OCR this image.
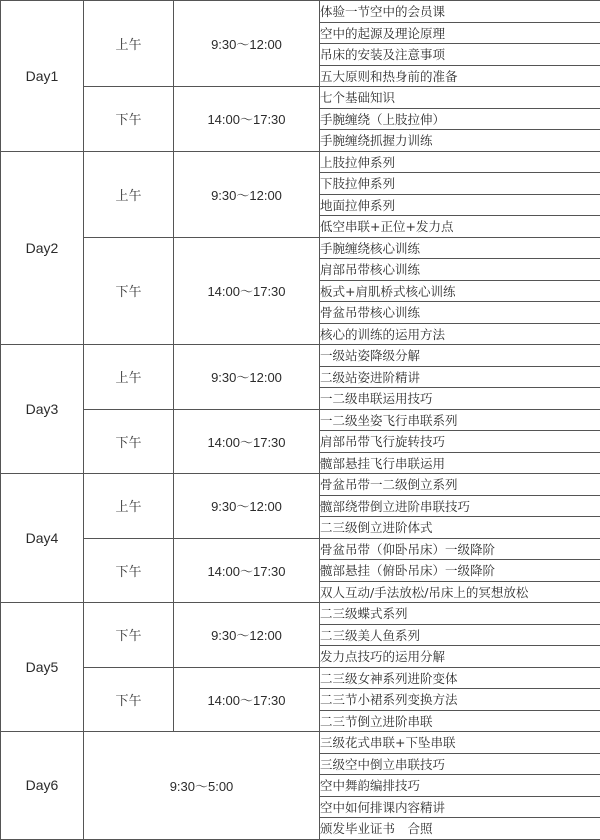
Day1	上午	9:30～12:00	体验一节空中的会员课
			空中的起源及理论原理
			吊床的安装及注意事项
			五大原则和热身前的准备
	下午	14:00～17:30	七个基础知识
			手腕缠绕（上肢拉伸）
			手腕缠绕抓握力训练
Day2	上午	9:30～12:00	上肢拉伸系列
			下肢拉伸系列
			地面拉伸系列
			低空串联+正位+发力点
	下午	14:00～17:30	手腕缠绕核心训练
			肩部吊带核心训练
			板式+肩肌桥式核心训练
			骨盆吊带核心训练
			核心的训练的运用方法
Day3	上午	9:30～12:00	一级站姿降级分解
			二级站姿进阶精讲
			一二级串联运用技巧
	下午	14:00～17:30	一二级坐姿飞行串联系列
			肩部吊带飞行旋转技巧
			髋部悬挂飞行串联运用
Day4	上午	9:30～12:00	骨盆吊带一二级倒立系列
			髋部绕带倒立进阶串联技巧
			二三级倒立进阶体式
	下午	14:00～17:30	骨盆吊带（仰卧吊床）一级降阶
			髋部悬挂（俯卧吊床）一级降阶
			双人互动/手法放松/吊床上的冥想放松
Day5	下午	9:30～12:00	二三级蝶式系列
			二三级美人鱼系列
			发力点技巧的运用分解
	下午	14:00～17:30	二三级女神系列进阶变体
			二三节小裙系列变换方法
			二三节倒立进阶串联
Day6	9:30～5:00		三级花式串联+下坠串联
			三级空中倒立串联技巧
			空中舞韵编排技巧
			空中如何排课内容精讲
			颁发毕业证书　合照
